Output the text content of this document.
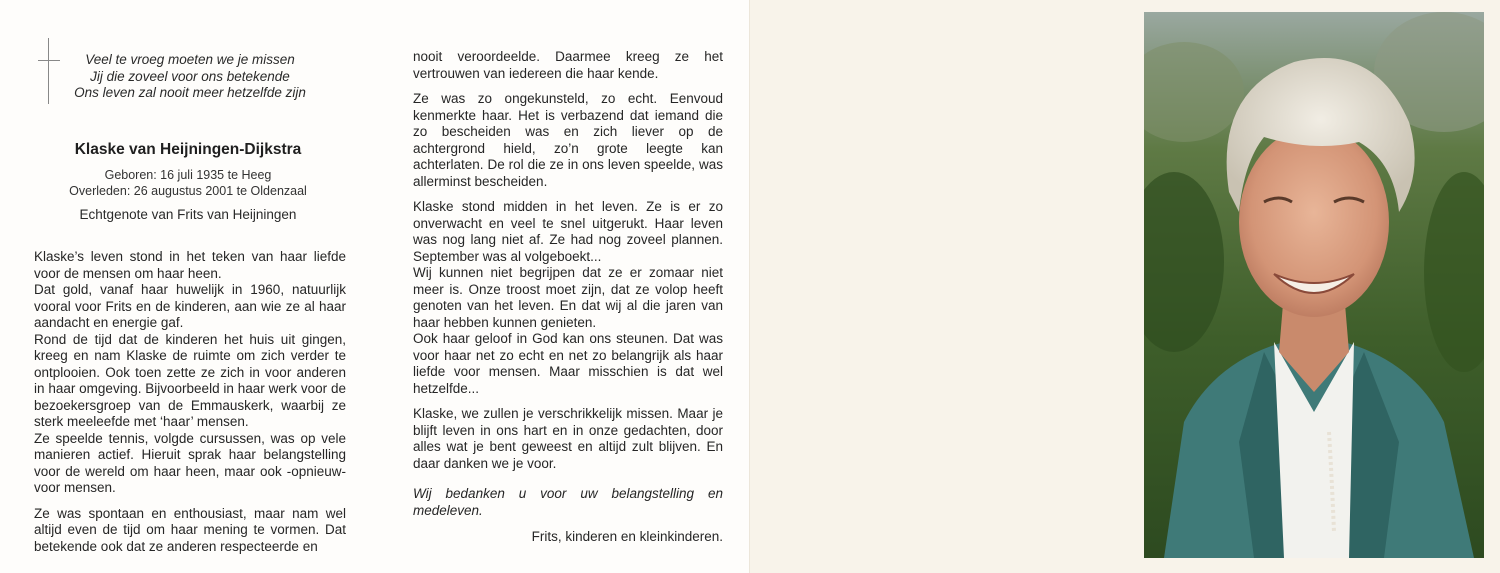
Veel te vroeg moeten we je missen
Jij die zoveel voor ons betekende
Ons leven zal nooit meer hetzelfde zijn
Klaske van Heijningen-Dijkstra
Geboren: 16 juli 1935 te Heeg
Overleden: 26 augustus 2001 te Oldenzaal
Echtgenote van Frits van Heijningen

Klaske’s leven stond in het teken van haar liefde voor de mensen om haar heen.

Dat gold, vanaf haar huwelijk in 1960, natuurlijk vooral voor Frits en de kinderen, aan wie ze al haar aandacht en energie gaf.

Rond de tijd dat de kinderen het huis uit gingen, kreeg en nam Klaske de ruimte om zich verder te ontplooien. Ook toen zette ze zich in voor anderen in haar omgeving. Bijvoorbeeld in haar werk voor de bezoekersgroep van de Emmauskerk, waarbij ze sterk meeleefde met ‘haar’ mensen.

Ze speelde tennis, volgde cursussen, was op vele manieren actief. Hieruit sprak haar belangstelling voor de wereld om haar heen, maar ook -opnieuw- voor mensen.

Ze was spontaan en enthousiast, maar nam wel altijd even de tijd om haar mening te vormen. Dat betekende ook dat ze anderen respecteerde en

nooit veroordeelde. Daarmee kreeg ze het vertrouwen van iedereen die haar kende.

Ze was zo ongekunsteld, zo echt. Eenvoud kenmerkte haar. Het is verbazend dat iemand die zo bescheiden was en zich liever op de achtergrond hield, zo’n grote leegte kan achterlaten. De rol die ze in ons leven speelde, was allerminst bescheiden.

Klaske stond midden in het leven. Ze is er zo onverwacht en veel te snel uitgerukt. Haar leven was nog lang niet af. Ze had nog zoveel plannen. September was al volgeboekt...

Wij kunnen niet begrijpen dat ze er zomaar niet meer is. Onze troost moet zijn, dat ze volop heeft genoten van het leven. En dat wij al die jaren van haar hebben kunnen genieten.

Ook haar geloof in God kan ons steunen. Dat was voor haar net zo echt en net zo belangrijk als haar liefde voor mensen. Maar misschien is dat wel hetzelfde...

Klaske, we zullen je verschrikkelijk missen. Maar je blijft leven in ons hart en in onze gedachten, door alles wat je bent geweest en altijd zult blijven. En daar danken we je voor.

Wij bedanken u voor uw belangstelling en medeleven.

Frits, kinderen en kleinkinderen.
